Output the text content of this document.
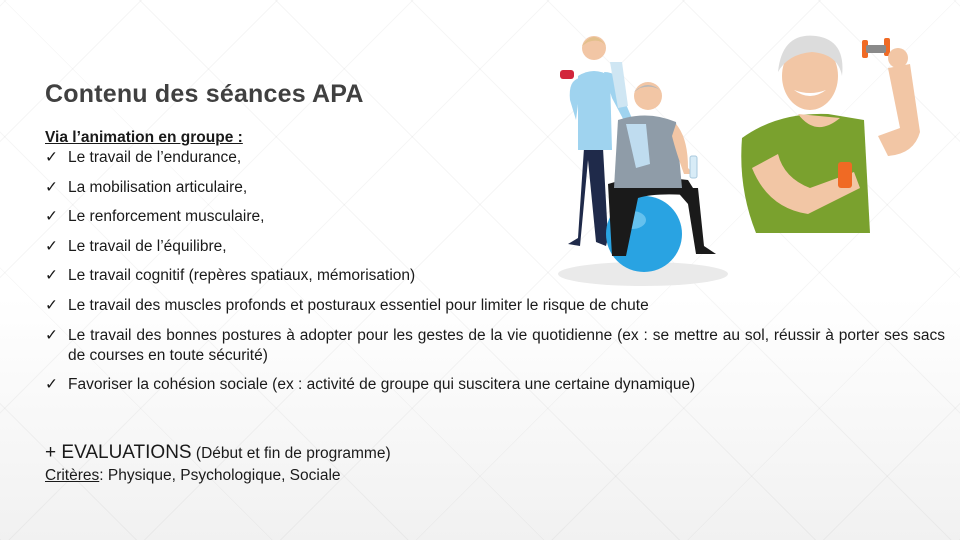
Contenu des séances APA
Via l’animation en groupe :
✓ Le travail de l’endurance,
✓ La mobilisation articulaire,
✓ Le renforcement musculaire,
✓ Le travail de l’équilibre,
✓ Le travail cognitif (repères spatiaux, mémorisation)
✓ Le travail des muscles profonds et posturaux essentiel pour limiter le risque de chute
✓ Le travail des bonnes postures à adopter pour les gestes de la vie quotidienne (ex : se mettre au sol, réussir à porter ses sacs de courses en toute sécurité)
✓ Favoriser la cohésion sociale (ex : activité de groupe qui suscitera une certaine dynamique)
+ EVALUATIONS (Début et fin de programme)
Critères: Physique, Psychologique, Sociale
